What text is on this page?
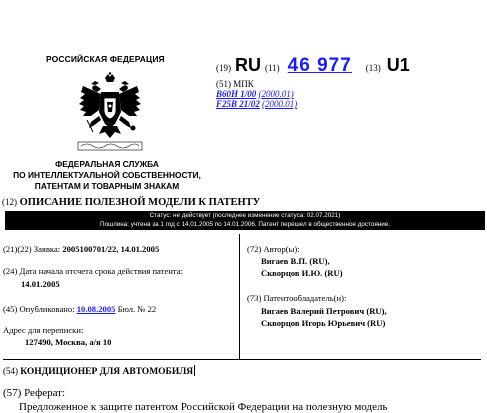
РОССИЙСКАЯ ФЕДЕРАЦИЯ
ФЕДЕРАЛЬНАЯ СЛУЖБА
ПО ИНТЕЛЛЕКТУАЛЬНОЙ СОБСТВЕННОСТИ,
ПАТЕНТАМ И ТОВАРНЫМ ЗНАКАМ
(19) RU (11) 46 977 (13) U1
(51) МПК
B60H 1/00 (2000.01)
F25B 21/02 (2000.01)
(12) ОПИСАНИЕ ПОЛЕЗНОЙ МОДЕЛИ К ПАТЕНТУ
Статус: не действует (последнее изменение статуса: 02.07.2021)
Пошлина: учтена за 1 год с 14.01.2005 по 14.01.2006. Патент перешел в общественное достояние.
(21)(22) Заявка: 2005100701/22, 14.01.2005
(24) Дата начала отсчета срока действия патента:
14.01.2005
(45) Опубликовано: 10.08.2005 Бюл. № 22
Адрес для переписки:
127490, Москва, а/я 10
(72) Автор(ы):
Вигаев В.П. (RU),
Скворцов И.Ю. (RU)
(73) Патентообладатель(и):
Вигаев Валерий Петрович (RU),
Скворцов Игорь Юрьевич (RU)
(54) КОНДИЦИОНЕР ДЛЯ АВТОМОБИЛЯ
(57) Реферат:
Предложенное к защите патентом Российской Федерации на полезную модель
